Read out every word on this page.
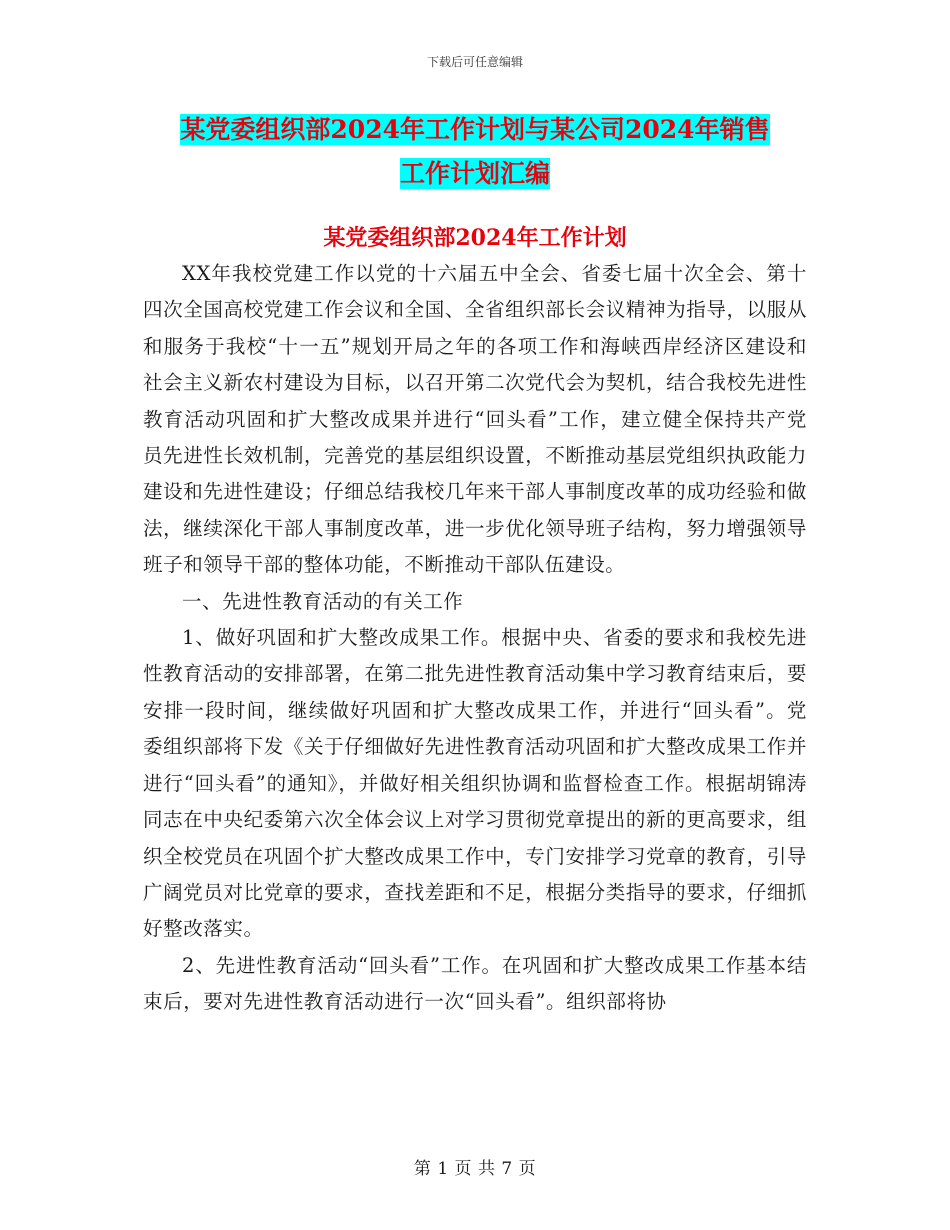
下载后可任意编辑
某党委组织部2024年工作计划与某公司2024年销售
工作计划汇编
某党委组织部2024年工作计划

XX年我校党建工作以党的十六届五中全会、省委七届十次全会、第十四次全国高校党建工作会议和全国、全省组织部长会议精神为指导，以服从和服务于我校“十一五”规划开局之年的各项工作和海峡西岸经济区建设和社会主义新农村建设为目标，以召开第二次党代会为契机，结合我校先进性教育活动巩固和扩大整改成果并进行“回头看”工作，建立健全保持共产党员先进性长效机制，完善党的基层组织设置，不断推动基层党组织执政能力建设和先进性建设；仔细总结我校几年来干部人事制度改革的成功经验和做法，继续深化干部人事制度改革，进一步优化领导班子结构，努力增强领导班子和领导干部的整体功能，不断推动干部队伍建设。

一、先进性教育活动的有关工作

1、做好巩固和扩大整改成果工作。根据中央、省委的要求和我校先进性教育活动的安排部署，在第二批先进性教育活动集中学习教育结束后，要安排一段时间，继续做好巩固和扩大整改成果工作，并进行“回头看”。党委组织部将下发《关于仔细做好先进性教育活动巩固和扩大整改成果工作并进行“回头看”的通知》，并做好相关组织协调和监督检查工作。根据胡锦涛同志在中央纪委第六次全体会议上对学习贯彻党章提出的新的更高要求，组织全校党员在巩固个扩大整改成果工作中，专门安排学习党章的教育，引导广阔党员对比党章的要求，查找差距和不足，根据分类指导的要求，仔细抓好整改落实。

2、先进性教育活动“回头看”工作。在巩固和扩大整改成果工作基本结束后，要对先进性教育活动进行一次“回头看”。组织部将协

第 1 页 共 7 页
